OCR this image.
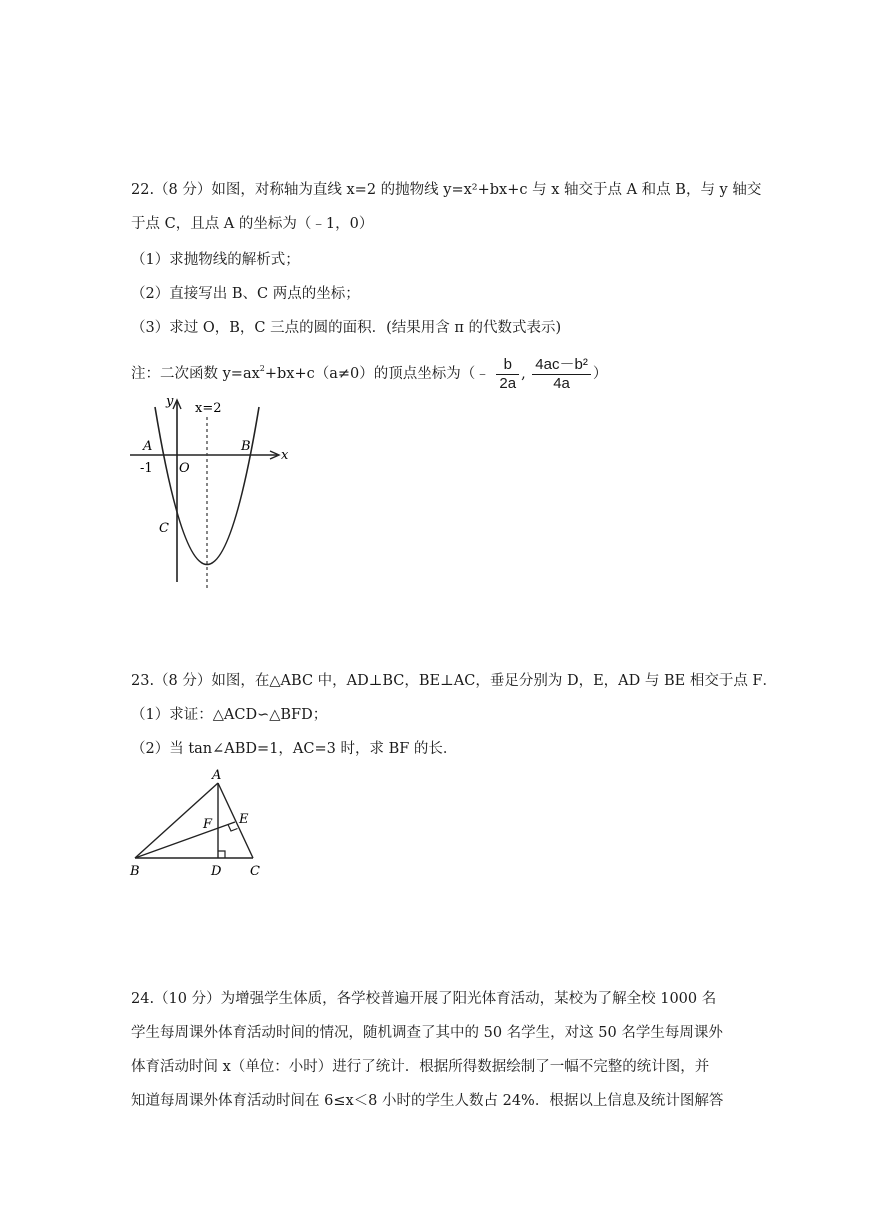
22.（8 分）如图，对称轴为直线 x=2 的抛物线 y=x²+bx+c 与 x 轴交于点 A 和点 B，与 y 轴交
于点 C，且点 A 的坐标为（﹣1，0）
（1）求抛物线的解析式；
（2）直接写出 B、C 两点的坐标；
（3）求过 O，B，C 三点的圆的面积．(结果用含 π 的代数式表示)
注：二次函数 $y=ax^2+bx+c(a\ne 0)$的顶点坐标为（﹣ $\frac{b}{2a}$ , $\frac{\text{4ac－b²}}{4a}$ ）
y x=2
A	B
x
-1 O
C
23.（8 分）如图，在△ABC 中，AD⊥BC，BE⊥AC，垂足分别为 D，E，AD 与 BE 相交于点 F．
（1）求证：△ACD∽△BFD；
（2）当 tan∠ABD=1，AC=3 时，求 BF 的长．
A
F E
B	D C
24.（10 分）为增强学生体质，各学校普遍开展了阳光体育活动，某校为了解全校 1000 名
学生每周课外体育活动时间的情况，随机调查了其中的 50 名学生，对这 50 名学生每周课外
体育活动时间 x（单位：小时）进行了统计．根据所得数据绘制了一幅不完整的统计图，并
知道每周课外体育活动时间在 6≤x＜8 小时的学生人数占 24%．根据以上信息及统计图解答
